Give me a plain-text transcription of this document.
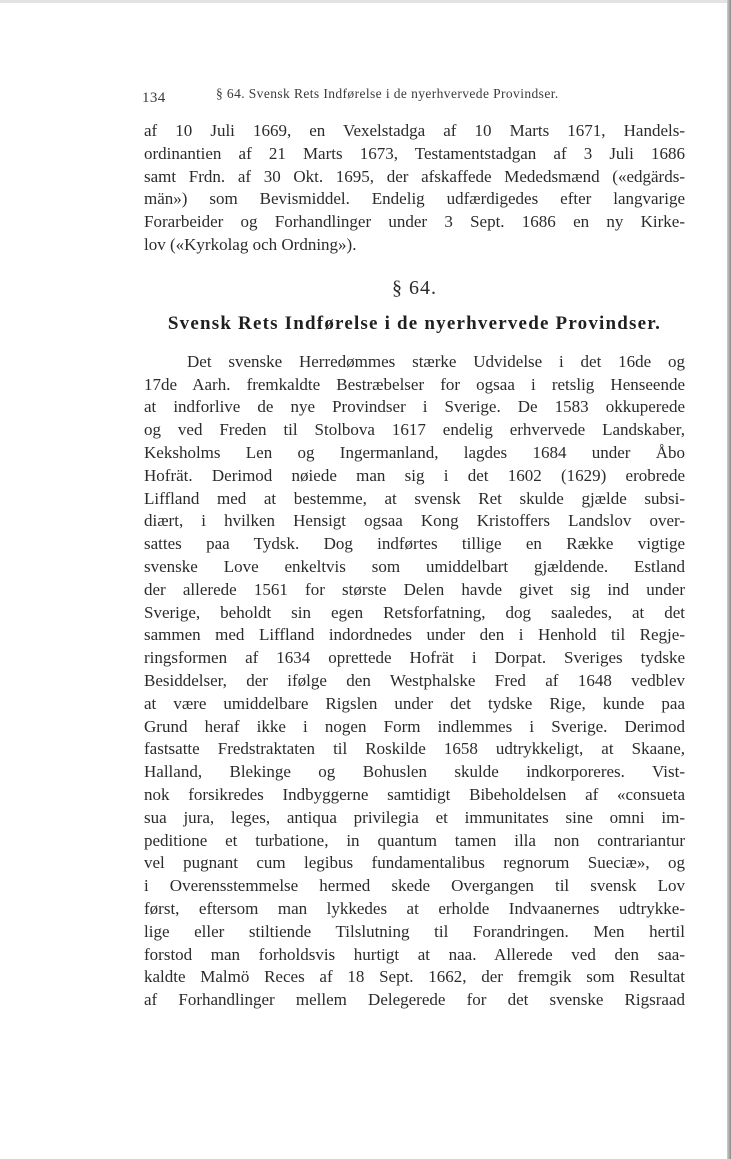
134	§ 64. Svensk Rets Indførelse i de nyerhvervede Provindser.
af 10 Juli 1669, en Vexelstadga af 10 Marts 1671, Handels-
ordinantien af 21 Marts 1673, Testamentstadgan af 3 Juli 1686
samt Frdn. af 30 Okt. 1695, der afskaffede Mededsmænd («edgärds-
män») som Bevismiddel. Endelig udfærdigedes efter langvarige
Forarbeider og Forhandlinger under 3 Sept. 1686 en ny Kirke-
lov («Kyrkolag och Ordning»).
§ 64.
Svensk Rets Indførelse i de nyerhvervede Provindser.
Det svenske Herredømmes stærke Udvidelse i det 16de og
17de Aarh. fremkaldte Bestræbelser for ogsaa i retslig Henseende
at indforlive de nye Provindser i Sverige. De 1583 okkuperede
og ved Freden til Stolbova 1617 endelig erhvervede Landskaber,
Keksholms Len og Ingermanland, lagdes 1684 under Åbo
Hofrät. Derimod nøiede man sig i det 1602 (1629) erobrede
Liffland med at bestemme, at svensk Ret skulde gjælde subsi-
diært, i hvilken Hensigt ogsaa Kong Kristoffers Landslov over-
sattes paa Tydsk. Dog indførtes tillige en Række vigtige
svenske Love enkeltvis som umiddelbart gjældende. Estland
der allerede 1561 for største Delen havde givet sig ind under
Sverige, beholdt sin egen Retsforfatning, dog saaledes, at det
sammen med Liffland indordnedes under den i Henhold til Regje-
ringsformen af 1634 oprettede Hofrät i Dorpat. Sveriges tydske
Besiddelser, der ifølge den Westphalske Fred af 1648 vedblev
at være umiddelbare Rigslen under det tydske Rige, kunde paa
Grund heraf ikke i nogen Form indlemmes i Sverige. Derimod
fastsatte Fredstraktaten til Roskilde 1658 udtrykkeligt, at Skaane,
Halland, Blekinge og Bohuslen skulde indkorporeres. Vist-
nok forsikredes Indbyggerne samtidigt Bibeholdelsen af «consueta
sua jura, leges, antiqua privilegia et immunitates sine omni im-
peditione et turbatione, in quantum tamen illa non contrariantur
vel pugnant cum legibus fundamentalibus regnorum Sueciæ», og
i Overensstemmelse hermed skede Overgangen til svensk Lov
først, eftersom man lykkedes at erholde Indvaanernes udtrykke-
lige eller stiltiende Tilslutning til Forandringen. Men hertil
forstod man forholdsvis hurtigt at naa. Allerede ved den saa-
kaldte Malmö Reces af 18 Sept. 1662, der fremgik som Resultat
af Forhandlinger mellem Delegerede for det svenske Rigsraad
